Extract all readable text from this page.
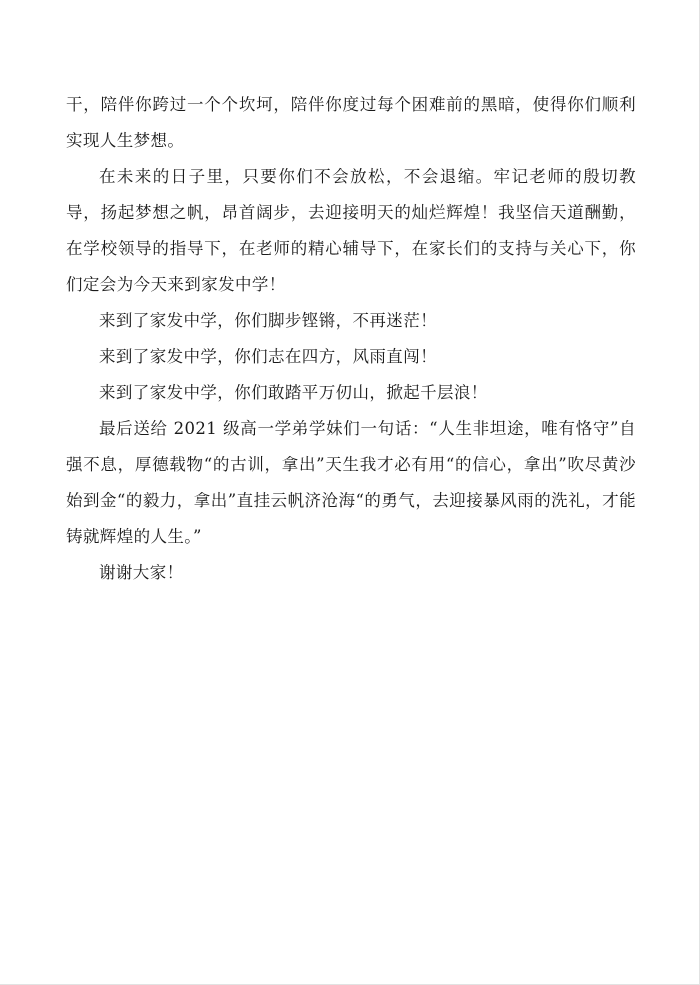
干，陪伴你跨过一个个坎坷，陪伴你度过每个困难前的黑暗，使得你们顺利实现人生梦想。

在未来的日子里，只要你们不会放松，不会退缩。牢记老师的殷切教导，扬起梦想之帆，昂首阔步，去迎接明天的灿烂辉煌！我坚信天道酬勤，在学校领导的指导下，在老师的精心辅导下，在家长们的支持与关心下，你们定会为今天来到家发中学！

来到了家发中学，你们脚步铿锵，不再迷茫！

来到了家发中学，你们志在四方，风雨直闯！

来到了家发中学，你们敢踏平万仞山，掀起千层浪！

最后送给 2021 级高一学弟学妹们一句话：“人生非坦途，唯有恪守”自强不息，厚德载物“的古训，拿出”天生我才必有用“的信心，拿出”吹尽黄沙始到金“的毅力，拿出”直挂云帆济沧海“的勇气，去迎接暴风雨的洗礼，才能铸就辉煌的人生。”

谢谢大家！
